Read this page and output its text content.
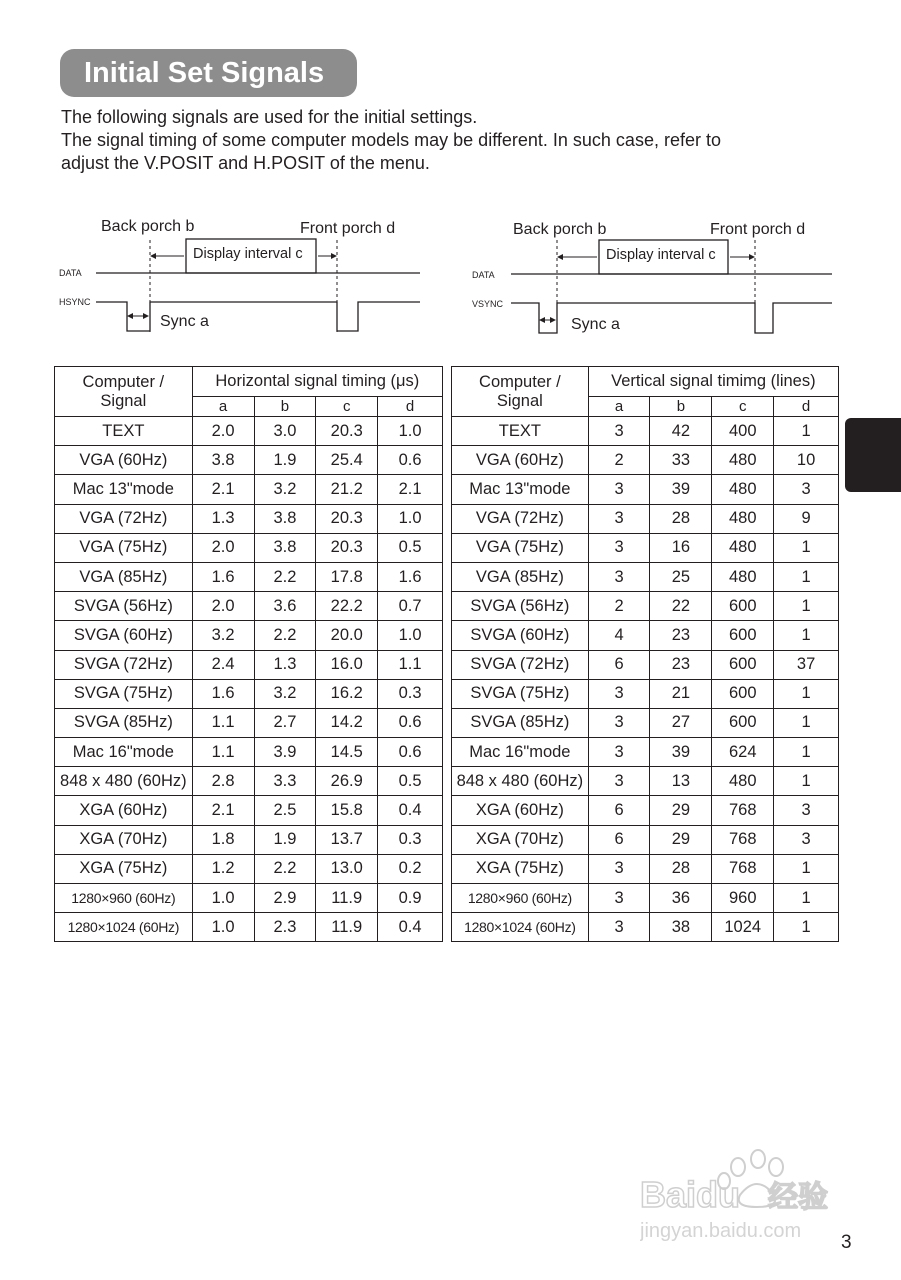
Initial Set Signals
The following signals are used for the initial settings.
The signal timing of some computer models may be different. In such case, refer to
adjust the V.POSIT and H.POSIT of the menu.
Back porch b	Front porch d
DATA
HSYNC
Display interval c
Sync a
Back porch b	Front porch d
DATA
VSYNC
Display interval c
Sync a
Computer /
Signal	Horizontal signal timing (μs)			
	a	b	c	d
TEXT	2.0	3.0	20.3	1.0
VGA (60Hz)	3.8	1.9	25.4	0.6
Mac 13"mode	2.1	3.2	21.2	2.1
VGA (72Hz)	1.3	3.8	20.3	1.0
VGA (75Hz)	2.0	3.8	20.3	0.5
VGA (85Hz)	1.6	2.2	17.8	1.6
SVGA (56Hz)	2.0	3.6	22.2	0.7
SVGA (60Hz)	3.2	2.2	20.0	1.0
SVGA (72Hz)	2.4	1.3	16.0	1.1
SVGA (75Hz)	1.6	3.2	16.2	0.3
SVGA (85Hz)	1.1	2.7	14.2	0.6
Mac 16"mode	1.1	3.9	14.5	0.6
848 x 480 (60Hz)	2.8	3.3	26.9	0.5
XGA (60Hz)	2.1	2.5	15.8	0.4
XGA (70Hz)	1.8	1.9	13.7	0.3
XGA (75Hz)	1.2	2.2	13.0	0.2
1280×960 (60Hz)	1.0	2.9	11.9	0.9
1280×1024 (60Hz)	1.0	2.3	11.9	0.4
Computer /
Signal	Vertical signal timimg (lines)			
	a	b	c	d
TEXT	3	42	400	1
VGA (60Hz)	2	33	480	10
Mac 13"mode	3	39	480	3
VGA (72Hz)	3	28	480	9
VGA (75Hz)	3	16	480	1
VGA (85Hz)	3	25	480	1
SVGA (56Hz)	2	22	600	1
SVGA (60Hz)	4	23	600	1
SVGA (72Hz)	6	23	600	37
SVGA (75Hz)	3	21	600	1
SVGA (85Hz)	3	27	600	1
Mac 16"mode	3	39	624	1
848 x 480 (60Hz)	3	13	480	1
XGA (60Hz)	6	29	768	3
XGA (70Hz)	6	29	768	3
XGA (75Hz)	3	28	768	1
1280×960 (60Hz)	3	36	960	1
1280×1024 (60Hz)	3	38	1024	1
Baidu 经验
jingyan.baidu.com
3
